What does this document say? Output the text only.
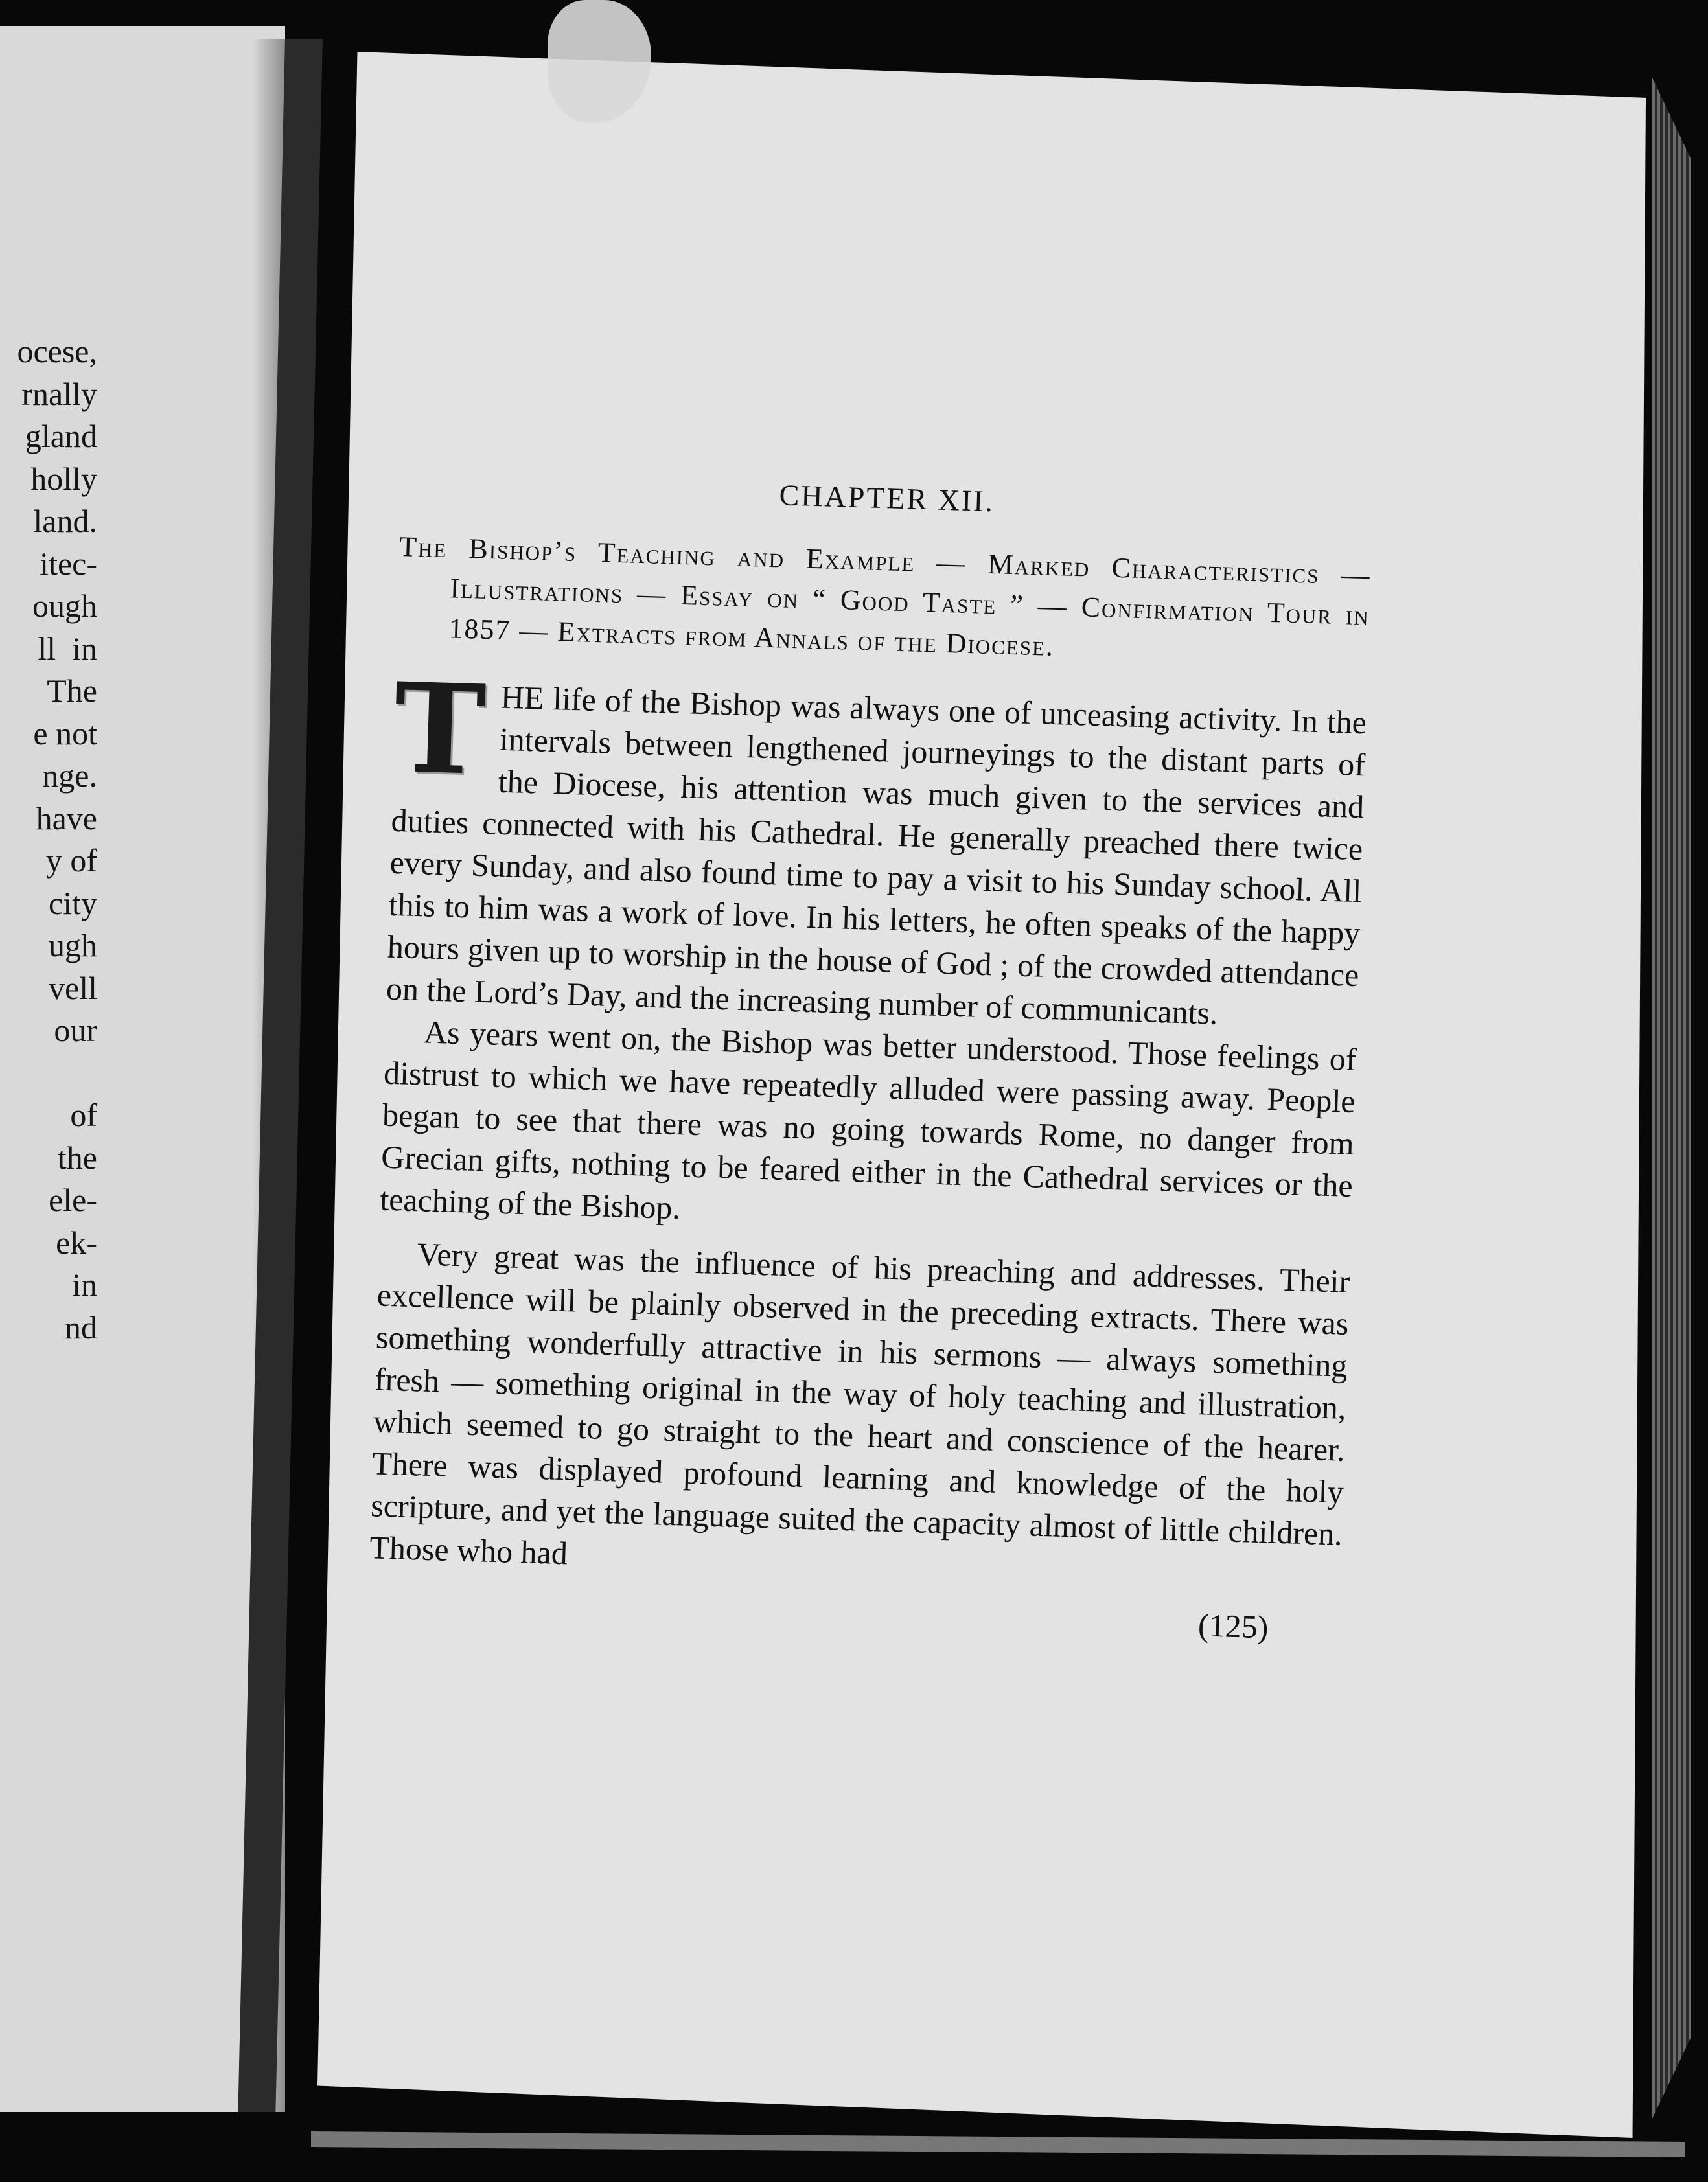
ocese,
rnally
gland
holly
land.
itec-
ough
ll  in
The
e not
nge.
have
y of
city
ugh
vell
our

of
the
ele-
ek-
in
nd
CHAPTER XII.
The Bishop’s Teaching and Example — Marked Characteristics — Illustrations — Essay on “ Good Taste ” — Confirmation Tour in 1857 — Extracts from Annals of the Diocese.

THE life of the Bishop was always one of unceasing activity. In the intervals between lengthened journeyings to the distant parts of the Diocese, his attention was much given to the services and duties connected with his Cathedral. He generally preached there twice every Sunday, and also found time to pay a visit to his Sunday school. All this to him was a work of love. In his letters, he often speaks of the happy hours given up to worship in the house of God ; of the crowded attendance on the Lord’s Day, and the increasing number of communicants.

As years went on, the Bishop was better understood. Those feelings of distrust to which we have repeatedly alluded were passing away. People began to see that there was no going towards Rome, no danger from Grecian gifts, nothing to be feared either in the Cathedral services or the teaching of the Bishop.

Very great was the influence of his preaching and addresses. Their excellence will be plainly observed in the preceding extracts. There was something wonderfully attractive in his sermons — always something fresh — something original in the way of holy teaching and illustration, which seemed to go straight to the heart and conscience of the hearer. There was displayed profound learning and knowledge of the holy scripture, and yet the language suited the capacity almost of little children. Those who had

(125)
